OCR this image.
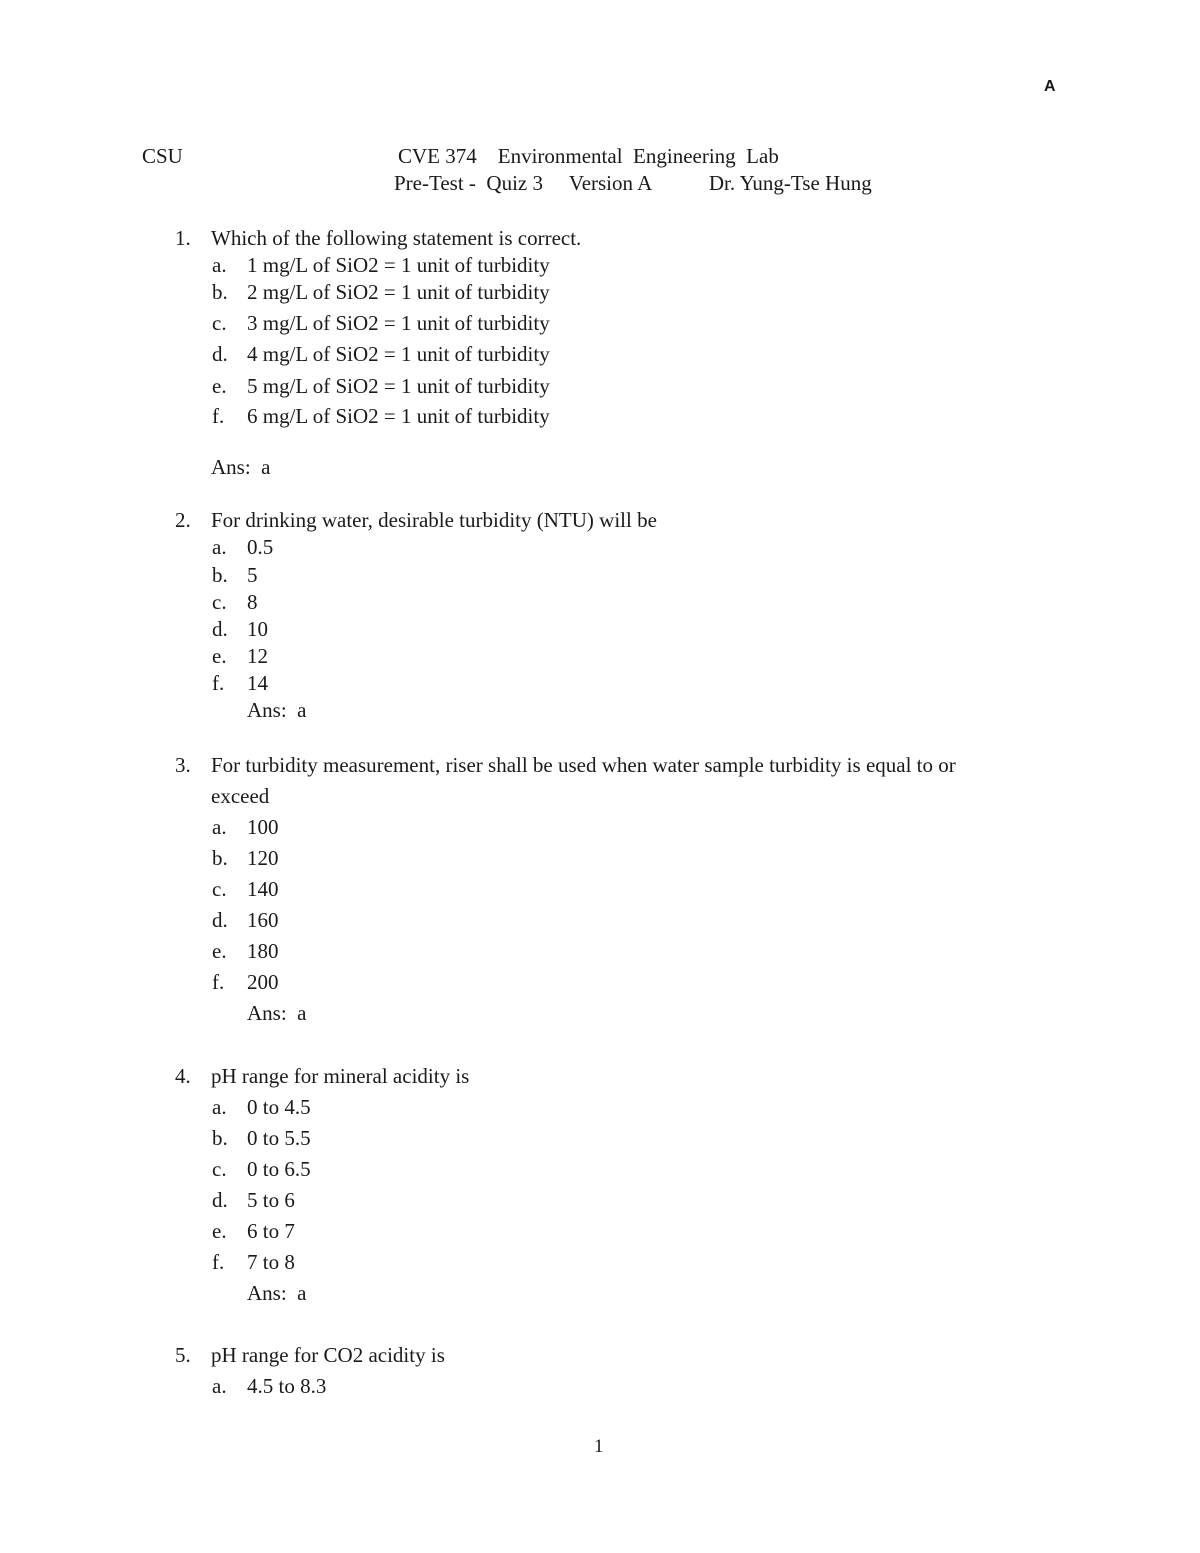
A
CSU	CVE 374    Environmental  Engineering  Lab
Pre-Test -  Quiz 3     Version A           Dr. Yung-Tse Hung
1. Which of the following statement is correct.
a. 1 mg/L of SiO2 = 1 unit of turbidity
b. 2 mg/L of SiO2 = 1 unit of turbidity
c. 3 mg/L of SiO2 = 1 unit of turbidity
d. 4 mg/L of SiO2 = 1 unit of turbidity
e. 5 mg/L of SiO2 = 1 unit of turbidity
f. 6 mg/L of SiO2 = 1 unit of turbidity
Ans:  a
2. For drinking water, desirable turbidity (NTU) will be
a. 0.5
b. 5
c. 8
d. 10
e. 12
f. 14
Ans:  a
3. For turbidity measurement, riser shall be used when water sample turbidity is equal to or
exceed
a. 100
b. 120
c. 140
d. 160
e. 180
f. 200
Ans:  a
4. pH range for mineral acidity is
a. 0 to 4.5
b. 0 to 5.5
c. 0 to 6.5
d. 5 to 6
e. 6 to 7
f. 7 to 8
Ans:  a
5. pH range for CO2 acidity is
a. 4.5 to 8.3
1
